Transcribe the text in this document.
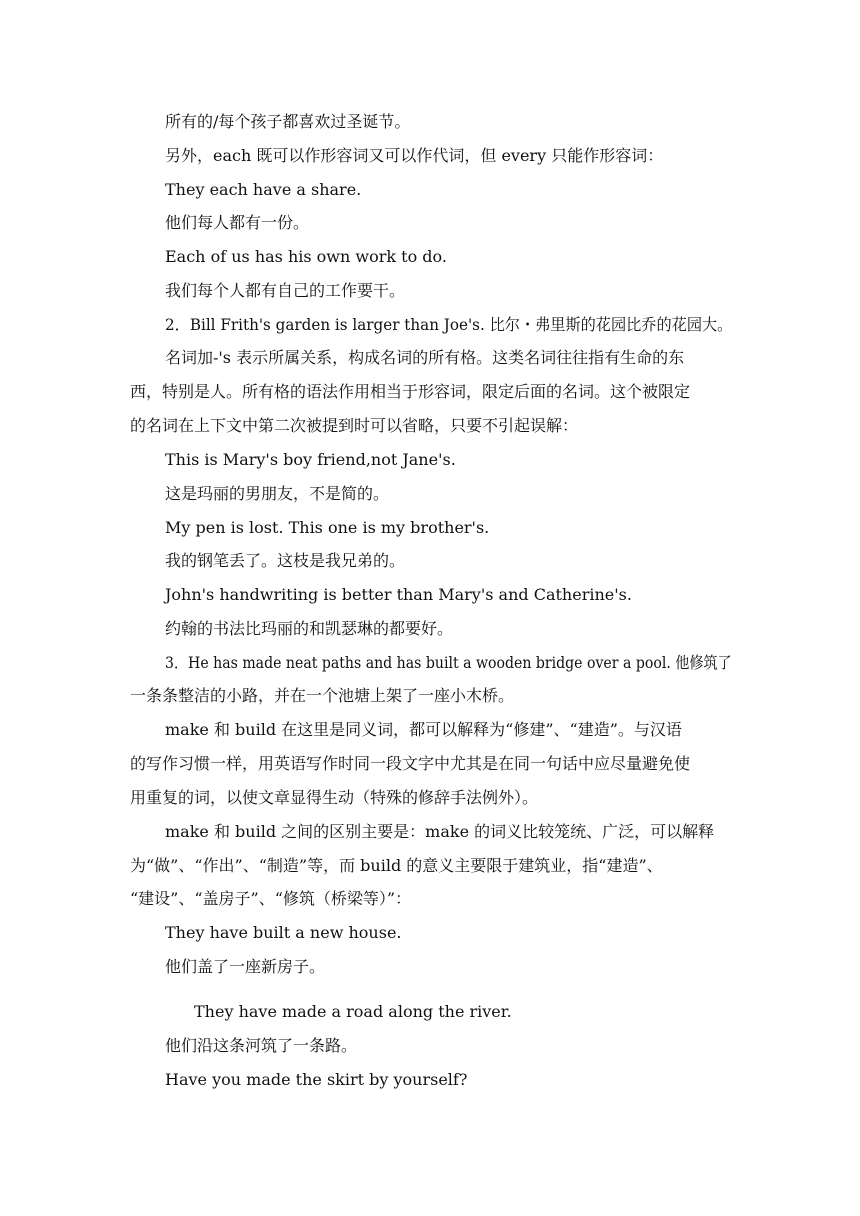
所有的/每个孩子都喜欢过圣诞节。
另外，each 既可以作形容词又可以作代词，但 every 只能作形容词：
They each have a share.
他们每人都有一份。
Each of us has his own work to do.
我们每个人都有自己的工作要干。
2．Bill Frith's garden is larger than Joe's. 比尔・弗里斯的花园比乔的花园大。
名词加-'s 表示所属关系，构成名词的所有格。这类名词往往指有生命的东
西，特别是人。所有格的语法作用相当于形容词，限定后面的名词。这个被限定
的名词在上下文中第二次被提到时可以省略，只要不引起误解：
This is Mary's boy friend,not Jane's.
这是玛丽的男朋友，不是简的。
My pen is lost. This one is my brother's.
我的钢笔丢了。这枝是我兄弟的。
John's handwriting is better than Mary's and Catherine's.
约翰的书法比玛丽的和凯瑟琳的都要好。
3．He has made neat paths and has built a wooden bridge over a pool. 他修筑了
一条条整洁的小路，并在一个池塘上架了一座小木桥。
make 和 build 在这里是同义词，都可以解释为“修建”、“建造”。与汉语
的写作习惯一样，用英语写作时同一段文字中尤其是在同一句话中应尽量避免使
用重复的词，以使文章显得生动（特殊的修辞手法例外）。
make 和 build 之间的区别主要是：make 的词义比较笼统、广泛，可以解释
为“做”、“作出”、“制造”等，而 build 的意义主要限于建筑业，指“建造”、
“建设”、“盖房子”、“修筑（桥梁等）”：
They have built a new house.
他们盖了一座新房子。
They have made a road along the river.
他们沿这条河筑了一条路。
Have you made the skirt by yourself?
